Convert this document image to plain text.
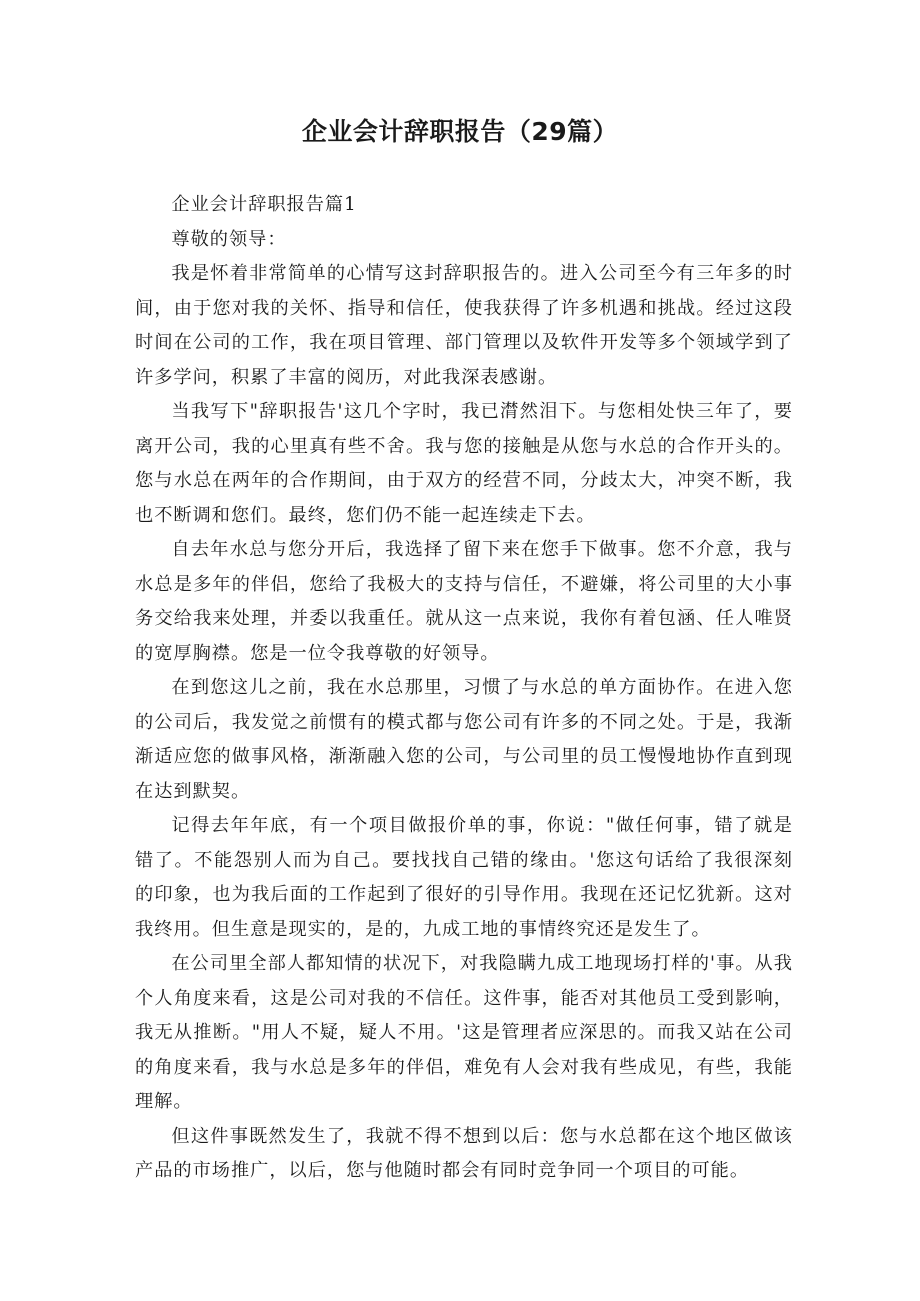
企业会计辞职报告（29篇）

企业会计辞职报告篇1

尊敬的领导：

我是怀着非常简单的心情写这封辞职报告的。进入公司至今有三年多的时间，由于您对我的关怀、指导和信任，使我获得了许多机遇和挑战。经过这段时间在公司的工作，我在项目管理、部门管理以及软件开发等多个领域学到了许多学问，积累了丰富的阅历，对此我深表感谢。

当我写下"辞职报告'这几个字时，我已潸然泪下。与您相处快三年了，要离开公司，我的心里真有些不舍。我与您的接触是从您与水总的合作开头的。您与水总在两年的合作期间，由于双方的经营不同，分歧太大，冲突不断，我也不断调和您们。最终，您们仍不能一起连续走下去。

自去年水总与您分开后，我选择了留下来在您手下做事。您不介意，我与水总是多年的伴侣，您给了我极大的支持与信任，不避嫌，将公司里的大小事务交给我来处理，并委以我重任。就从这一点来说，我你有着包涵、任人唯贤的宽厚胸襟。您是一位令我尊敬的好领导。

在到您这儿之前，我在水总那里，习惯了与水总的单方面协作。在进入您的公司后，我发觉之前惯有的模式都与您公司有许多的不同之处。于是，我渐渐适应您的做事风格，渐渐融入您的公司，与公司里的员工慢慢地协作直到现在达到默契。

记得去年年底，有一个项目做报价单的事，你说："做任何事，错了就是错了。不能怨别人而为自己。要找找自己错的缘由。'您这句话给了我很深刻的印象，也为我后面的工作起到了很好的引导作用。我现在还记忆犹新。这对我终用。但生意是现实的，是的，九成工地的事情终究还是发生了。

在公司里全部人都知情的状况下，对我隐瞒九成工地现场打样的'事。从我个人角度来看，这是公司对我的不信任。这件事，能否对其他员工受到影响，我无从推断。"用人不疑，疑人不用。'这是管理者应深思的。而我又站在公司的角度来看，我与水总是多年的伴侣，难免有人会对我有些成见，有些，我能理解。

但这件事既然发生了，我就不得不想到以后：您与水总都在这个地区做该产品的市场推广，以后，您与他随时都会有同时竞争同一个项目的可能。
